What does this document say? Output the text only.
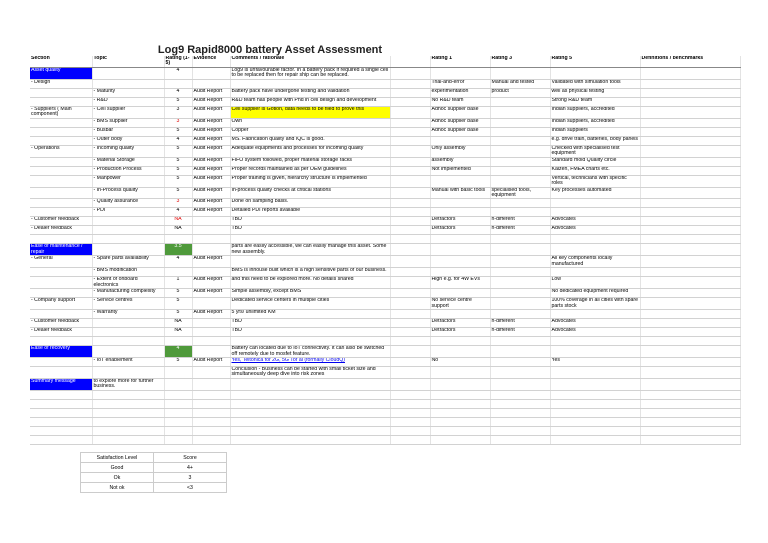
Log9 Rapid8000 battery Asset Assessment
Section	Topic	Rating (1-5)	Evidence	Comments / rationale		Rating 1	Rating 3	Rating 5	Definitions / benchmarks
Asset quality		4		Log9 is unfavourable factor. In a battery pack if required a single cell to be replaced then for repair ship can be replaced.					
- Design						Trial-and-error	Manual and tested	Validated with simulation tools	
	- Maturity	4	Audit Report	Battery pack have undergone testing and validation		experimentation	product	well as physical testing	
	- R&D	5	Audit Report	R&D team has people with Phd in cell design and development		No R&D team		Strong R&D team	
- Suppliers ( Main component)	- Cell supplier	3	Audit Report	Cell supplier is Gotion, data needs to be filed to prove this		Adhoc supplier base		Indian suppliers, accredited	
	- BMS supplier	3	Audit Report	Own		Adhoc supplier base		Indian suppliers, accredited	
	- Busbar	5	Audit Report	Copper		Adhoc supplier base		Indian suppliers	
	- Outer body	4	Audit Report	MS. Fabrication quality and IQC is good.				e.g. drive train, batteries, body panels	
- Operations	- Incoming quality	5	Audit Report	Adequate equipments and processes for incoming quality		Only assembly		Checked with specialised test equipment	
	- Material Storage	5	Audit Report	FIFO system followed, proper material storage racks		assembly		Standard mold Quality circle	
	- Production Process	5	Audit Report	Proper records maintained as per OEM guidelines		Not implemented		Kaizen, FMEA charts etc.	
	- Manpower	5	Audit Report	Proper training is given, hierarchy structure is implemented				Vertical, technicians with specific roles	
	- In-Process quality	5	Audit Report	In-process quality checks at critical stations		Manual with basic tools	specialised tools, equipment	Key processes automated	
	- Quality assurance	3	Audit Report	Done on sampling basis.					
	- PDI	4	Audit Report	Detailed PDI reports available					
- Customer feedback		NA		TBD		Detractors	n-different	Advocates	
- Dealer feedback		NA		TBD		Detractors	n-different	Advocates	

Ease of maintenance / repair		3.5		parts are easily accessible, we can easily manage this asset. Some new assembly.					
- General	- Spare parts availability	4	Audit Report					All key components locally manufactured	
	- BMS modification			BMS is inhouse built which is a high sensitive parts of our business.					
	- Extent of onboard electronics	1	Audit Report	and this need to be explored more. No details shared		High e.g. for 4W EVs		Low	
	- Manufacturing complexity	5	Audit Report	Simple assembly, except BMS				No dedicated equipment required	
- Company support	- Service centres	5		Dedicated service centers in multiple cities		No service centre support		100% coverage in all cities with spare parts stock	
	- Warranty	5	Audit Report	5 yrs/ unlimited KM					
- Customer feedback		NA		TBD		Detractors	n-different	Advocates	
- Dealer feedback		NA		TBD		Detractors	n-different	Advocates	

Ease of recovery		4		Battery can located due to IoT connectivity. It can also be switched off remotely due to mosfet feature.					
	- IoT enablement	5	Audit Report	Yes, Teltonica for 2G, 5G Tor ai (formally CloudQ)		No		Yes	
				Conclusion - Business can be started with small ticket size and simultaneously deep dive into risk zones					
Summary message	to explore more for further business.								

Satisfaction Level	Score
Good	4+
Ok	3
Not ok	<3
